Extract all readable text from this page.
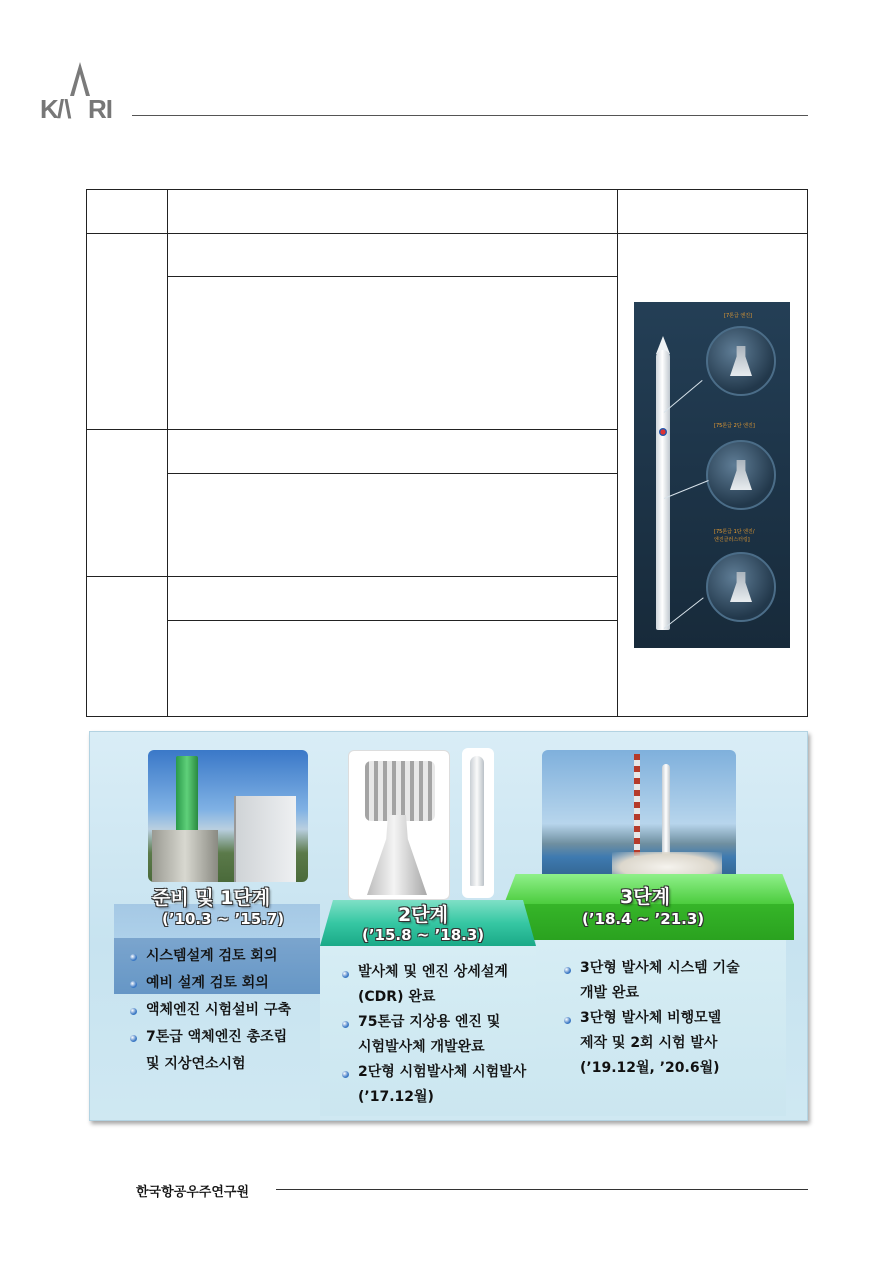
K /\ RI
[7톤급 엔진]
[75톤급 2단 엔진]
[75톤급 1단 엔진/
엔진클러스터링]
준비 및 1단계
(’10.3 ~ ’15.7)
시스템설계 검토 회의
예비 설계 검토 회의
액체엔진 시험설비 구축
7톤급 액체엔진 총조립
및 지상연소시험
2단계
(’15.8 ~ ’18.3)
발사체 및 엔진 상세설계
(CDR) 완료
75톤급 지상용 엔진 및
시험발사체 개발완료
2단형 시험발사체 시험발사
(’17.12월)
3단계
(’18.4 ~ ’21.3)
3단형 발사체 시스템 기술
개발 완료
3단형 발사체 비행모델
제작 및 2회 시험 발사
(’19.12월, ’20.6월)
한국항공우주연구원
